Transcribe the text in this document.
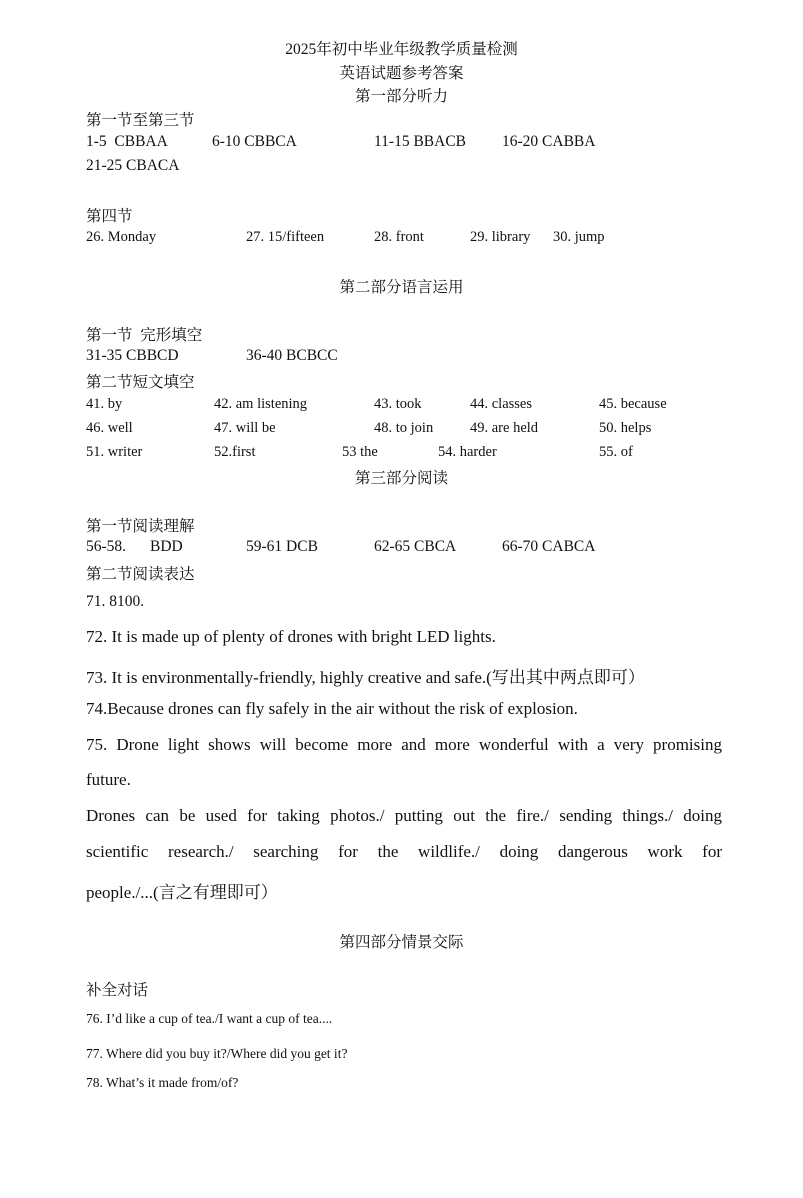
2025年初中毕业年级教学质量检测
英语试题参考答案
第一部分听力
第一节至第三节
1-5  CBBAA	6-10 CBBCA	11-15 BBACB 16-20 CABBA
21-25 CBACA
第四节
26. Monday	27. 15/fifteen	28. front	29. library 30. jump
第二部分语言运用
第一节  完形填空
31-35 CBBCD	36-40 BCBCC
第二节短文填空
41. by	42. am listening	43. took	44. classes	45. because
46. well	47. will be	48. to join	49. are held	50. helps
51. writer	52.first	53 the	54. harder	55. of
第三部分阅读
第一节阅读理解
56-58. BDD	59-61 DCB	62-65 CBCA	66-70 CABCA
第二节阅读表达
71. 8100.
72. It is made up of plenty of drones with bright LED lights.
73. It is environmentally-friendly, highly creative and safe.(写出其中两点即可）
74.Because drones can fly safely in the air without the risk of explosion.
75. Drone light shows will become more and more wonderful with a very promising
future.
Drones can be used for taking photos./ putting out the fire./ sending things./ doing
scientific research./ searching for the wildlife./ doing dangerous work for
people./...(言之有理即可）
第四部分情景交际
补全对话
76. I’d like a cup of tea./I want a cup of tea....
77. Where did you buy it?/Where did you get it?
78. What’s it made from/of?
